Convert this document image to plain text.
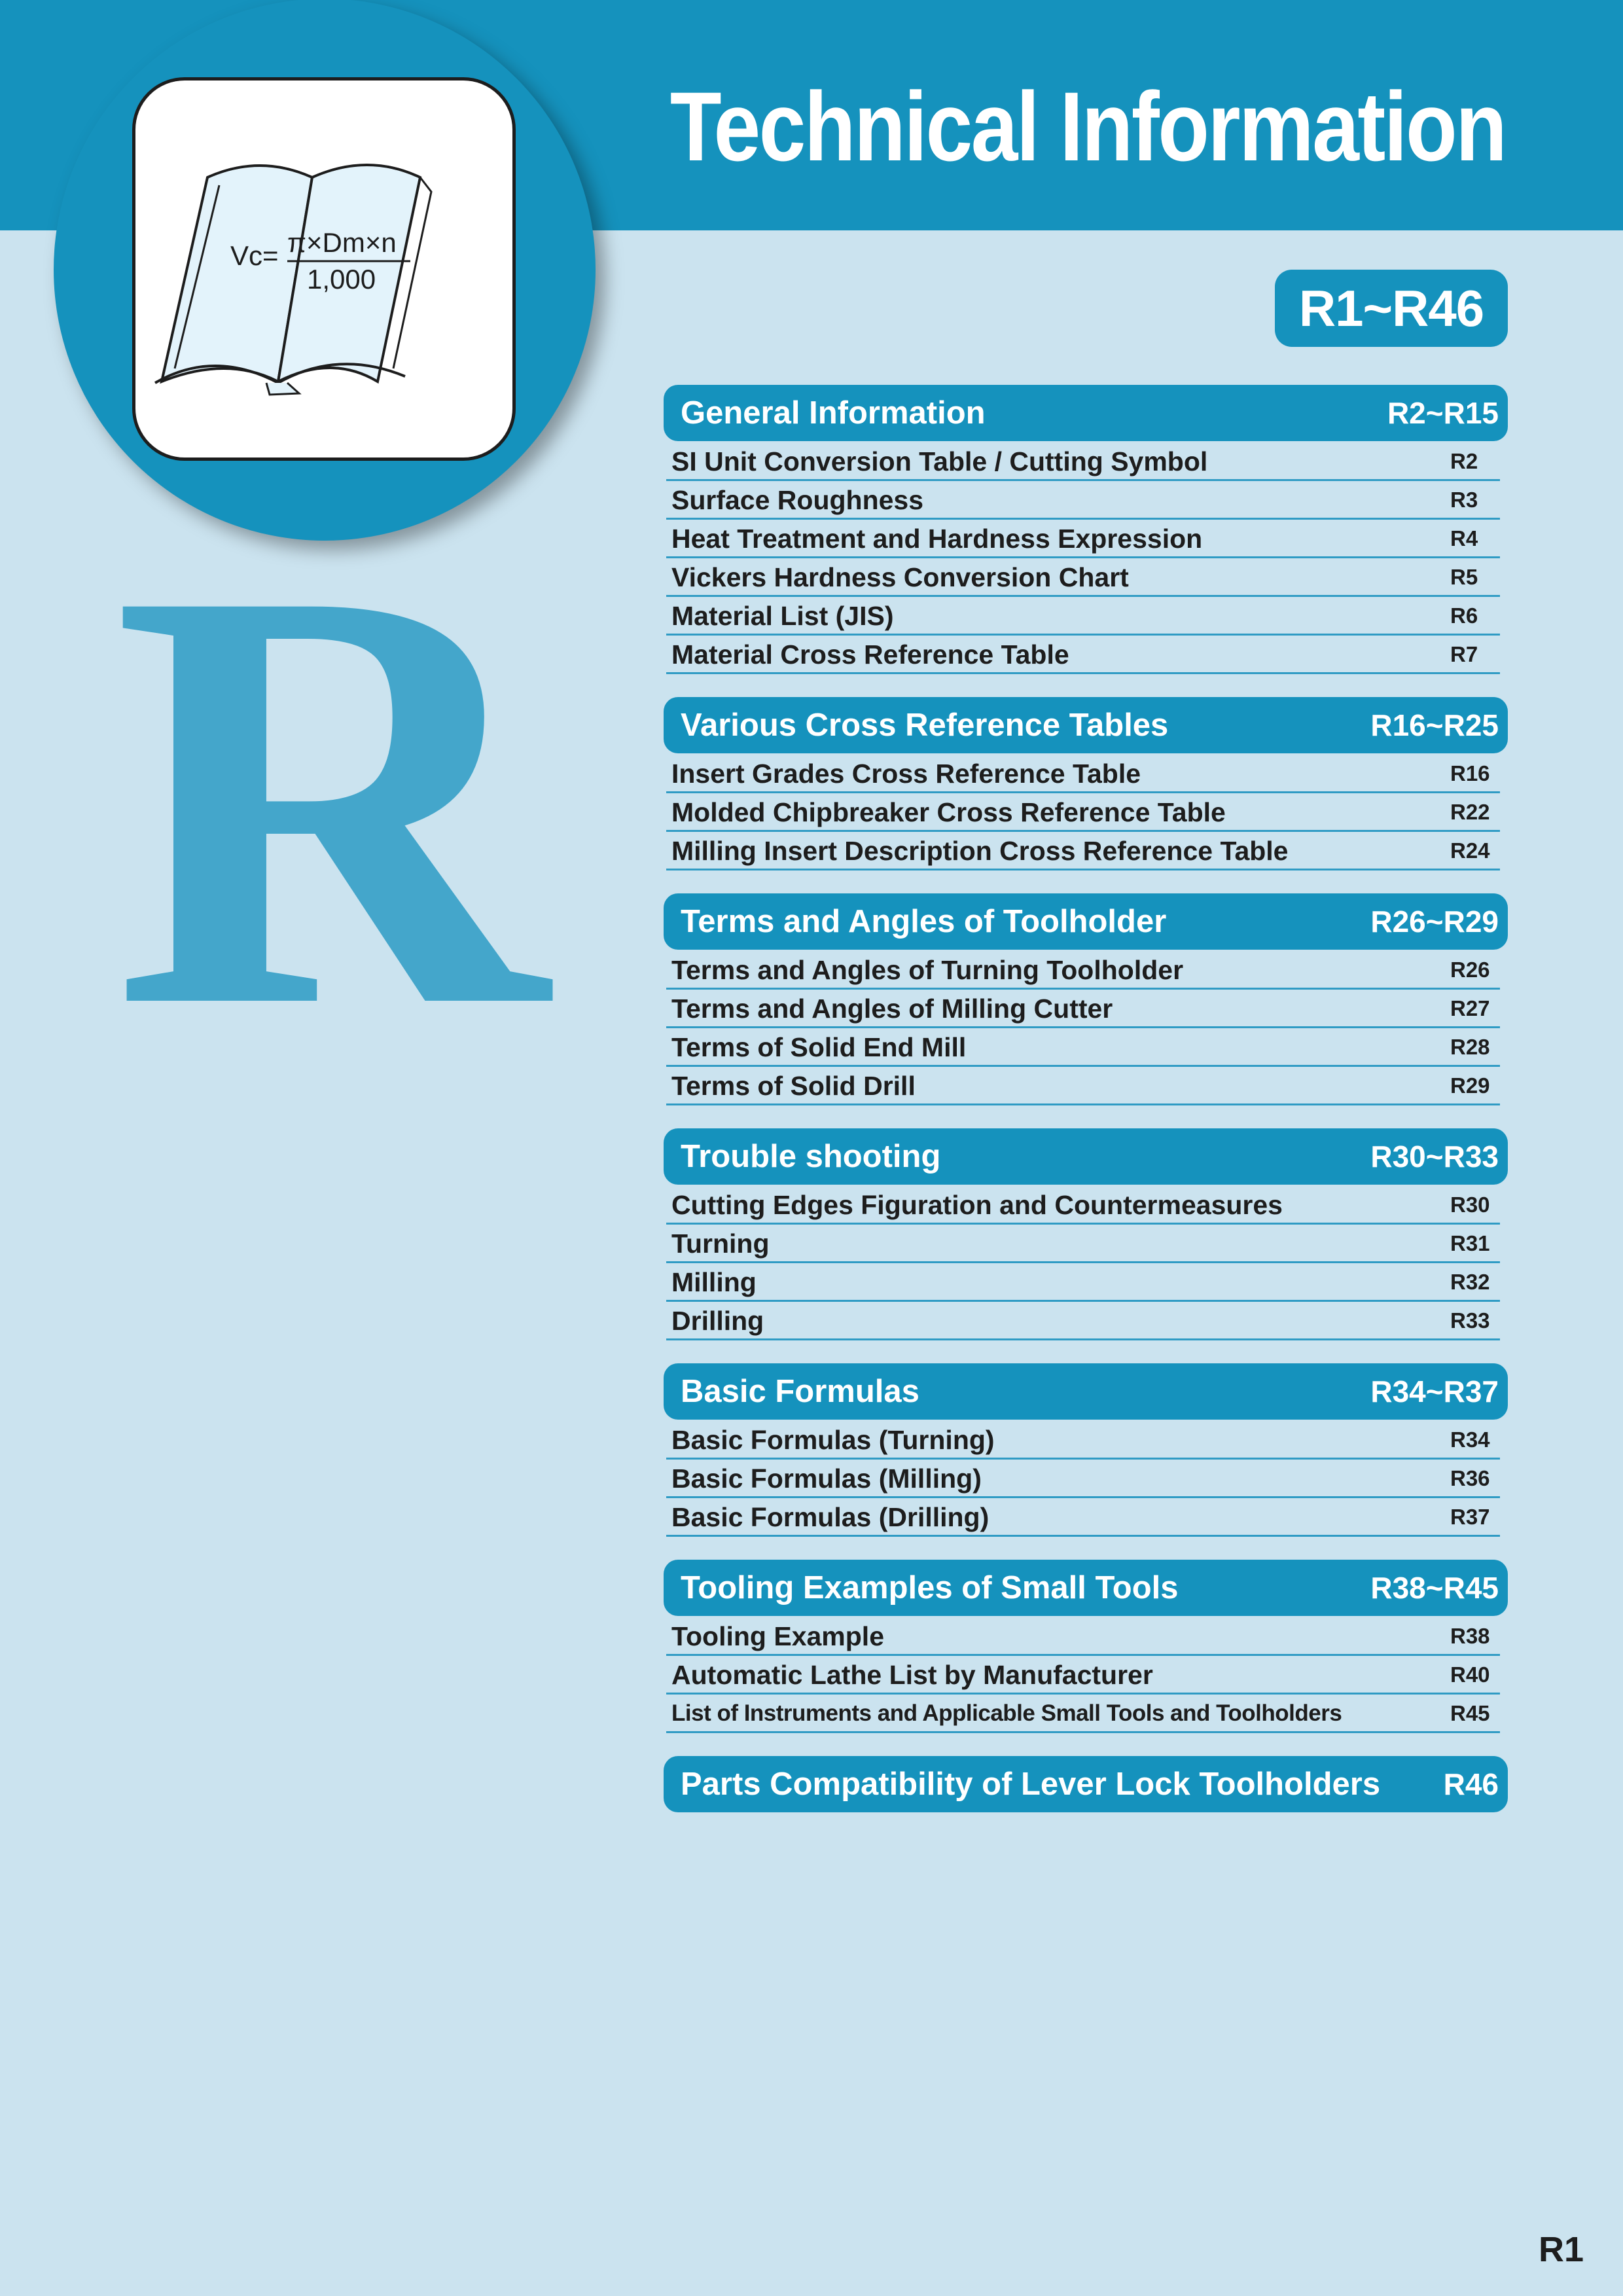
Technical Information
Vc= π×Dm×n
1,000
R
R1~R46
General Information	R2~R15
SI Unit Conversion Table / Cutting Symbol	R2
Surface Roughness	R3
Heat Treatment and Hardness Expression	R4
Vickers Hardness Conversion Chart	R5
Material List (JIS)	R6
Material Cross Reference Table	R7
Various Cross Reference Tables	R16~R25
Insert Grades Cross Reference Table	R16
Molded Chipbreaker Cross Reference Table	R22
Milling Insert Description Cross Reference Table	R24
Terms and Angles of Toolholder	R26~R29
Terms and Angles of Turning Toolholder	R26
Terms and Angles of Milling Cutter	R27
Terms of Solid End Mill	R28
Terms of Solid Drill	R29
Trouble shooting	R30~R33
Cutting Edges Figuration and Countermeasures	R30
Turning	R31
Milling	R32
Drilling	R33
Basic Formulas	R34~R37
Basic Formulas (Turning)	R34
Basic Formulas (Milling)	R36
Basic Formulas (Drilling)	R37
Tooling Examples of Small Tools	R38~R45
Tooling Example	R38
Automatic Lathe List by Manufacturer	R40
List of Instruments and Applicable Small Tools and Toolholders	R45
Parts Compatibility of Lever Lock Toolholders R46
R1
